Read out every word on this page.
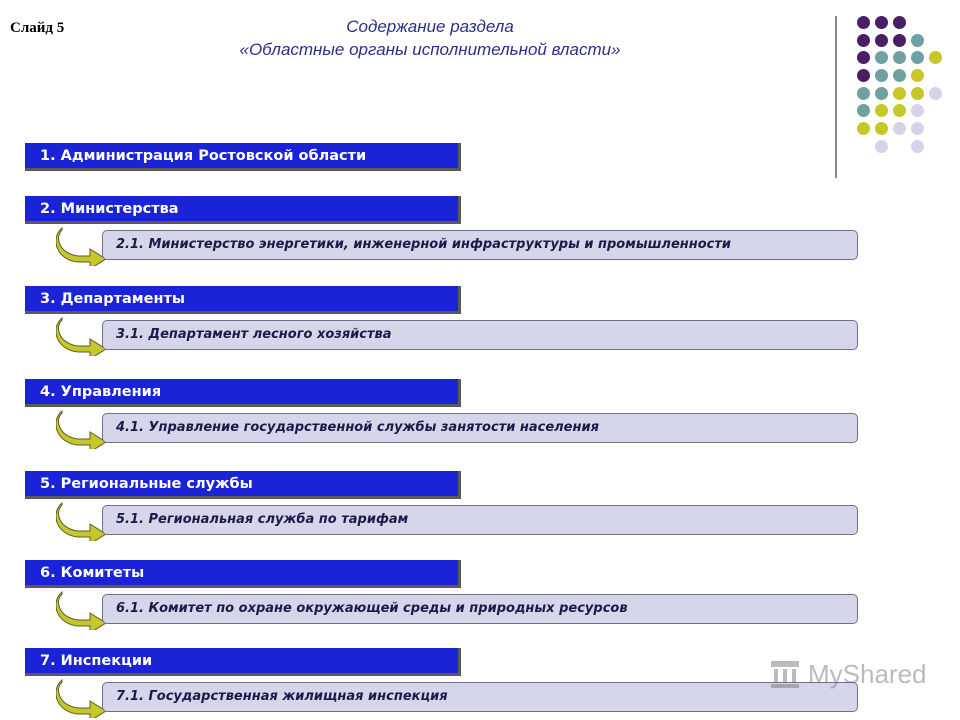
Слайд 5	Содержание раздела
«Областные органы исполнительной власти»
1. Администрация Ростовской области
2. Министерства
2.1. Министерство энергетики, инженерной инфраструктуры и промышленности
3. Департаменты
3.1. Департамент лесного хозяйства
4. Управления
4.1. Управление государственной службы занятости населения
5. Региональные службы
5.1. Региональная служба по тарифам
6. Комитеты
6.1. Комитет по охране окружающей среды и природных ресурсов
7. Инспекции
7.1. Государственная жилищная инспекция
MyShared
